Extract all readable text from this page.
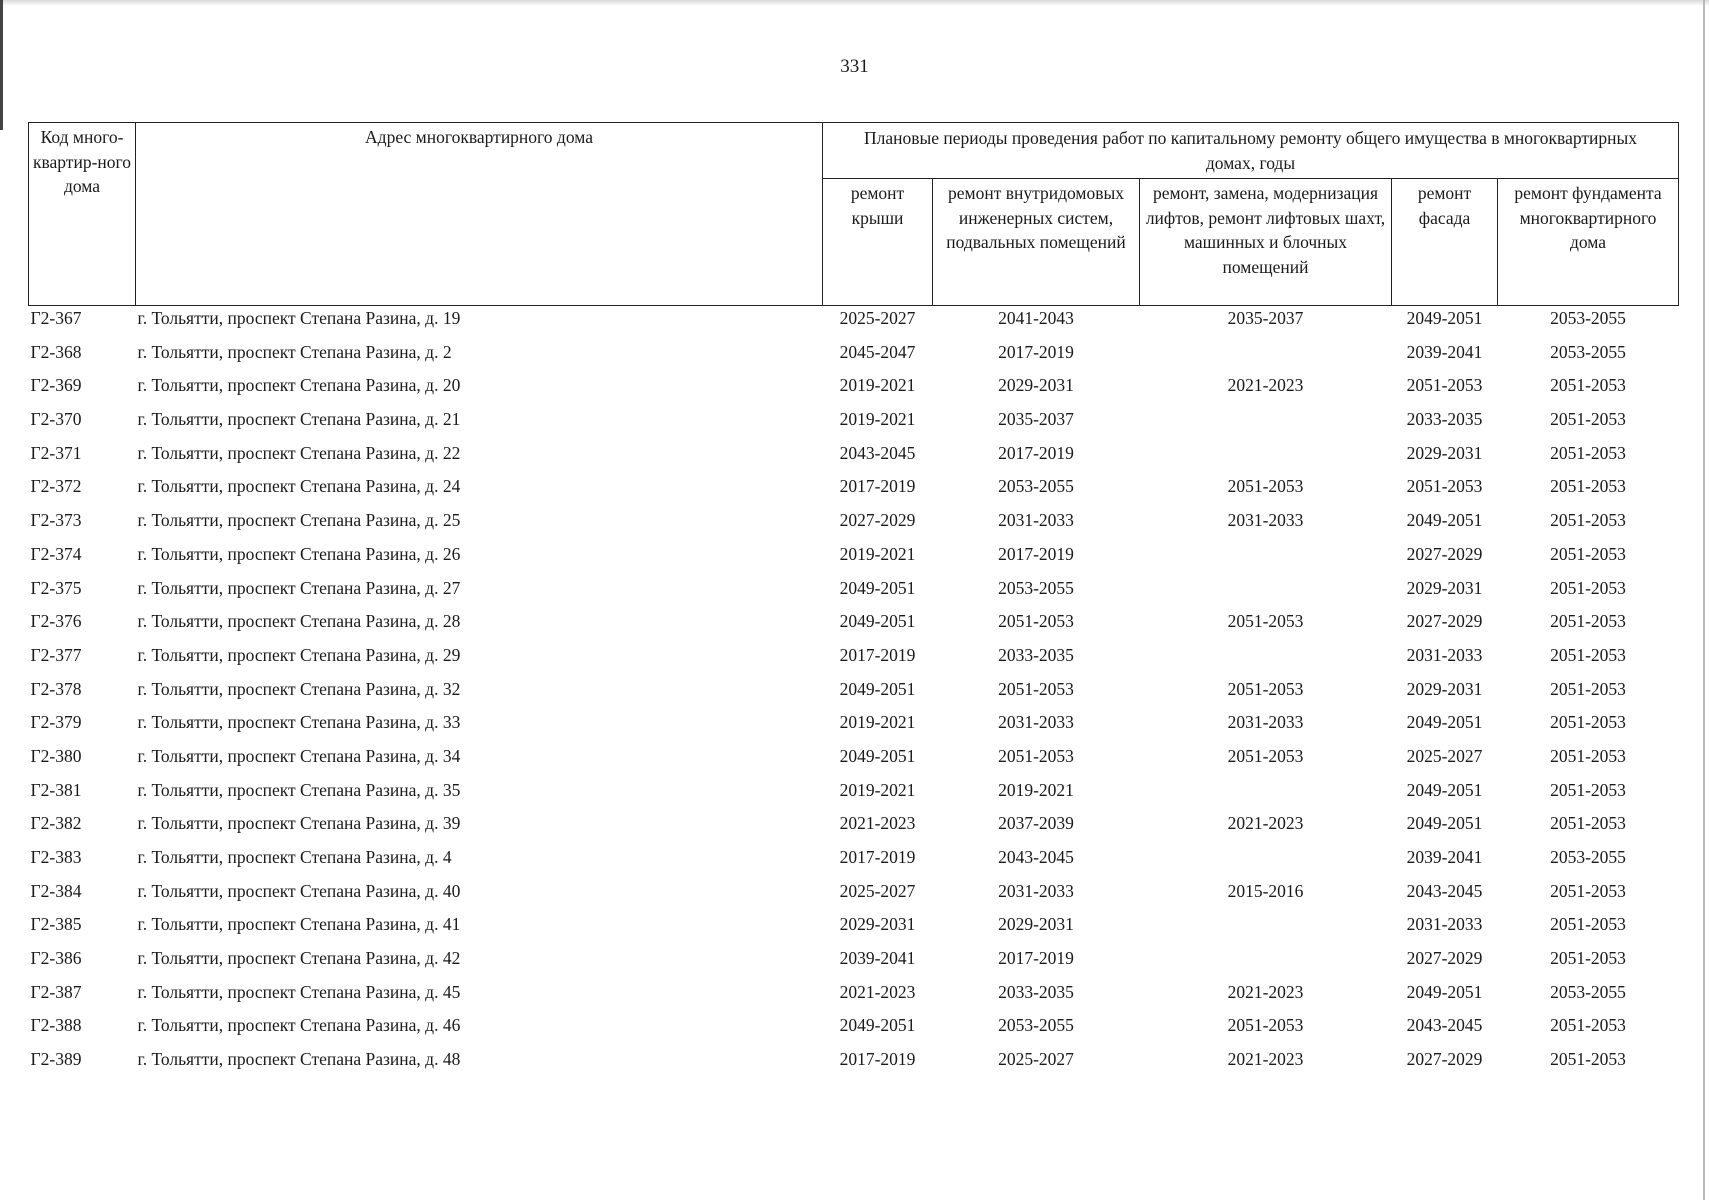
331
Код много-квартир-ного дома	Адрес многоквартирного дома	Плановые периоды проведения работ по капитальному ремонту общего имущества в многоквартирных домах, годы				
		ремонт крыши	ремонт внутридомовых инженерных систем, подвальных помещений	ремонт, замена, модернизация лифтов, ремонт лифтовых шахт, машинных и блочных помещений	ремонт фасада	ремонт фундамента многоквартирного дома
Г2-367	г. Тольятти, проспект Степана Разина, д. 19	2025-2027	2041-2043	2035-2037	2049-2051	2053-2055
Г2-368	г. Тольятти, проспект Степана Разина, д. 2	2045-2047	2017-2019		2039-2041	2053-2055
Г2-369	г. Тольятти, проспект Степана Разина, д. 20	2019-2021	2029-2031	2021-2023	2051-2053	2051-2053
Г2-370	г. Тольятти, проспект Степана Разина, д. 21	2019-2021	2035-2037		2033-2035	2051-2053
Г2-371	г. Тольятти, проспект Степана Разина, д. 22	2043-2045	2017-2019		2029-2031	2051-2053
Г2-372	г. Тольятти, проспект Степана Разина, д. 24	2017-2019	2053-2055	2051-2053	2051-2053	2051-2053
Г2-373	г. Тольятти, проспект Степана Разина, д. 25	2027-2029	2031-2033	2031-2033	2049-2051	2051-2053
Г2-374	г. Тольятти, проспект Степана Разина, д. 26	2019-2021	2017-2019		2027-2029	2051-2053
Г2-375	г. Тольятти, проспект Степана Разина, д. 27	2049-2051	2053-2055		2029-2031	2051-2053
Г2-376	г. Тольятти, проспект Степана Разина, д. 28	2049-2051	2051-2053	2051-2053	2027-2029	2051-2053
Г2-377	г. Тольятти, проспект Степана Разина, д. 29	2017-2019	2033-2035		2031-2033	2051-2053
Г2-378	г. Тольятти, проспект Степана Разина, д. 32	2049-2051	2051-2053	2051-2053	2029-2031	2051-2053
Г2-379	г. Тольятти, проспект Степана Разина, д. 33	2019-2021	2031-2033	2031-2033	2049-2051	2051-2053
Г2-380	г. Тольятти, проспект Степана Разина, д. 34	2049-2051	2051-2053	2051-2053	2025-2027	2051-2053
Г2-381	г. Тольятти, проспект Степана Разина, д. 35	2019-2021	2019-2021		2049-2051	2051-2053
Г2-382	г. Тольятти, проспект Степана Разина, д. 39	2021-2023	2037-2039	2021-2023	2049-2051	2051-2053
Г2-383	г. Тольятти, проспект Степана Разина, д. 4	2017-2019	2043-2045		2039-2041	2053-2055
Г2-384	г. Тольятти, проспект Степана Разина, д. 40	2025-2027	2031-2033	2015-2016	2043-2045	2051-2053
Г2-385	г. Тольятти, проспект Степана Разина, д. 41	2029-2031	2029-2031		2031-2033	2051-2053
Г2-386	г. Тольятти, проспект Степана Разина, д. 42	2039-2041	2017-2019		2027-2029	2051-2053
Г2-387	г. Тольятти, проспект Степана Разина, д. 45	2021-2023	2033-2035	2021-2023	2049-2051	2053-2055
Г2-388	г. Тольятти, проспект Степана Разина, д. 46	2049-2051	2053-2055	2051-2053	2043-2045	2051-2053
Г2-389	г. Тольятти, проспект Степана Разина, д. 48	2017-2019	2025-2027	2021-2023	2027-2029	2051-2053
